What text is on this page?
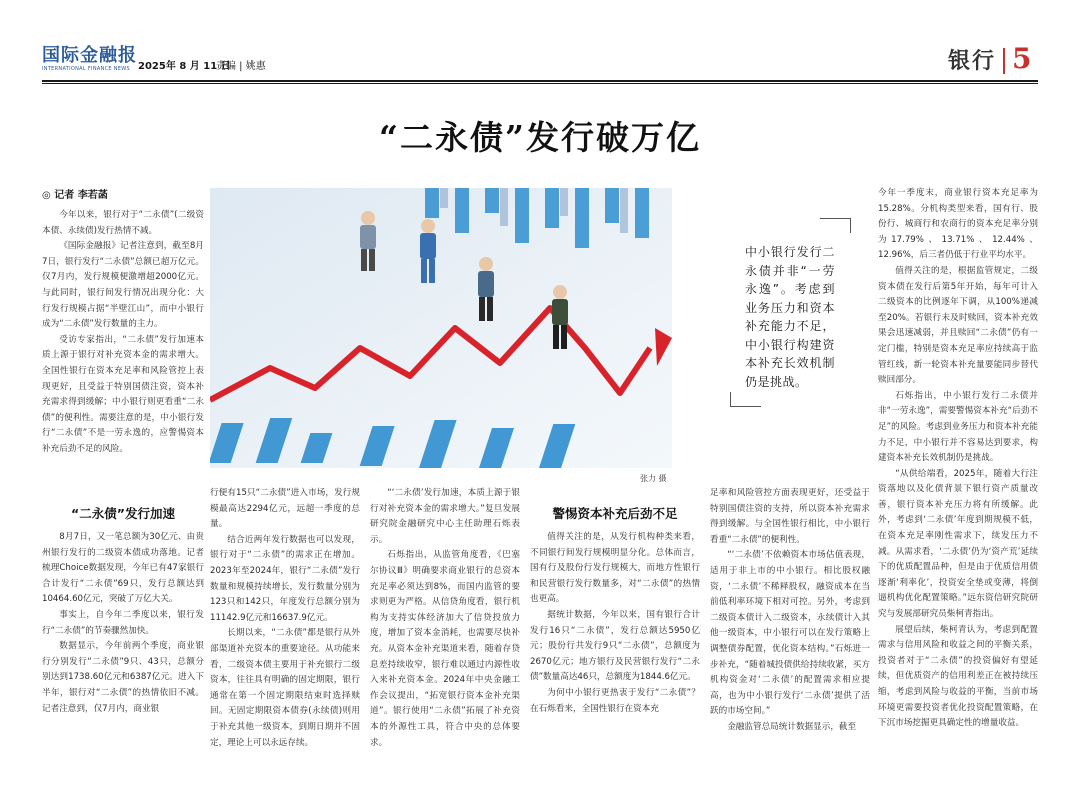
国际金融报
INTERNATIONAL FINANCE NEWS 2025年 8 月 11 日
责编 | 姚惠	银行 5
“二永债”发行破万亿
◎ 记者 李若菡

今年以来，银行对于“二永债”(二级资本债、永续债)发行热情不减。

《国际金融报》记者注意到，截至8月7日，银行发行“二永债”总额已超万亿元。仅7月内，发行规模便激增超2000亿元。与此同时，银行间发行情况出现分化：大行发行规模占据“半壁江山”，而中小银行成为“二永债”发行数量的主力。

受访专家指出，“二永债”发行加速本质上源于银行对补充资本金的需求增大。全国性银行在资本充足率和风险管控上表现更好，且受益于特别国债注资，资本补充需求得到缓解；中小银行则更看重“二永债”的便利性。需要注意的是，中小银行发行“二永债”不是一劳永逸的，应警惕资本补充后劲不足的风险。

张力 摄
中小银行发行二永债并非“一劳永逸”。考虑到业务压力和资本补充能力不足，中小银行构建资本补充长效机制仍是挑战。
“二永债”发行加速

8月7日，又一笔总额为30亿元、由贵州银行发行的二级资本债成功落地。记者梳理Choice数据发现，今年已有47家银行合计发行“二永债”69只，发行总额达到10464.60亿元，突破了万亿大关。

事实上，自今年二季度以来，银行发行“二永债”的节奏骤然加快。

数据显示，今年前两个季度，商业银行分别发行“二永债”9只、43只，总额分别达到1738.60亿元和6387亿元。进入下半年，银行对“二永债”的热情依旧不减。记者注意到，仅7月内，商业银

行便有15只“二永债”进入市场，发行规模最高达2294亿元，远超一季度的总量。

结合近两年发行数据也可以发现，银行对于“二永债”的需求正在增加。2023年至2024年，银行“二永债”发行数量和规模持续增长，发行数量分别为123只和142只，年度发行总额分别为11142.9亿元和16637.9亿元。

长期以来，“二永债”都是银行从外部渠道补充资本的重要途径。从功能来看，二级资本债主要用于补充银行二级资本，往往具有明确的固定期限，银行通常在第一个固定期限结束时选择赎回。无固定期限资本债券(永续债)则用于补充其他一级资本，到期日期并不固定，理论上可以永远存续。

“‘二永债’发行加速，本质上源于银行对补充资本金的需求增大。”复旦发展研究院金融研究中心主任助理石烁表示。

石烁指出，从监管角度看，《巴塞尔协议Ⅲ》明确要求商业银行的总资本充足率必须达到8%，而国内监管的要求则更为严格。从信贷角度看，银行机构为支持实体经济加大了信贷投放力度，增加了资本金消耗，也需要尽快补充。从资本金补充渠道来看，随着存贷息差持续收窄，银行难以通过内源性收入来补充资本金。2024年中央金融工作会议提出，“拓宽银行资本金补充渠道”。银行使用“二永债”拓展了补充资本的外源性工具，符合中央的总体要求。

警惕资本补充后劲不足

值得关注的是，从发行机构种类来看，不同银行间发行规模明显分化。总体而言，国有行及股份行发行规模大，而地方性银行和民营银行发行数量多，对“二永债”的热情也更高。

据统计数据，今年以来，国有银行合计发行16只“二永债”，发行总额达5950亿元；股份行共发行9只“二永债”，总额度为2670亿元；地方银行及民营银行发行“二永债”数量高达46只，总额度为1844.6亿元。

为何中小银行更热衷于发行“二永债”？在石烁看来，全国性银行在资本充

足率和风险管控方面表现更好，还受益于特别国债注资的支持，所以资本补充需求得到缓解。与全国性银行相比，中小银行看重“二永债”的便利性。

“‘二永债’不依赖资本市场估值表现，适用于非上市的中小银行。相比股权融资，‘二永债’不稀释股权，融资成本在当前低利率环境下相对可控。另外，考虑到二级资本债计入二级资本，永续债计入其他一级资本，中小银行可以在发行策略上调整债券配置，优化资本结构。”石烁进一步补充，“随着城投债供给持续收紧，买方机构资金对‘二永债’的配置需求相应提高，也为中小银行发行‘二永债’提供了活跃的市场空间。”

金融监管总局统计数据显示，截至

今年一季度末，商业银行资本充足率为15.28%。分机构类型来看，国有行、股份行、城商行和农商行的资本充足率分别为17.79%、13.71%、12.44%、12.96%，后三者仍低于行业平均水平。

值得关注的是，根据监管规定，二级资本债在发行后第5年开始，每年可计入二级资本的比例逐年下调，从100%递减至20%。若银行未及时赎回，资本补充效果会迅速减弱，并且赎回“二永债”仍有一定门槛，特别是资本充足率应持续高于监管红线，新一轮资本补充量要能同步替代赎回部分。

石烁指出，中小银行发行二永债并非“一劳永逸”，需要警惕资本补充“后劲不足”的风险。考虑到业务压力和资本补充能力不足，中小银行并不容易达到要求，构建资本补充长效机制仍是挑战。

“从供给端看，2025年，随着大行注资落地以及化债背景下银行资产质量改善，银行资本补充压力将有所缓解。此外，考虑到‘二永债’年度到期规模不低，在资本充足率刚性需求下，续发压力不减。从需求看，‘二永债’仍为‘资产荒’延续下的优质配置品种，但是由于优质信用债逐渐‘利率化’，投资安全垫或变薄，将倒逼机构优化配置策略。”远东资信研究院研究与发展部研究员柴柯青指出。

展望后续，柴柯青认为，考虑到配置需求与信用风险和收益之间的平衡关系，投资者对于“二永债”的投资偏好有望延续，但优质资产的信用利差正在被持续压缩，考虑到风险与收益的平衡，当前市场环境更需要投资者优化投资配置策略，在下沉市场挖掘更具确定性的增量收益。
